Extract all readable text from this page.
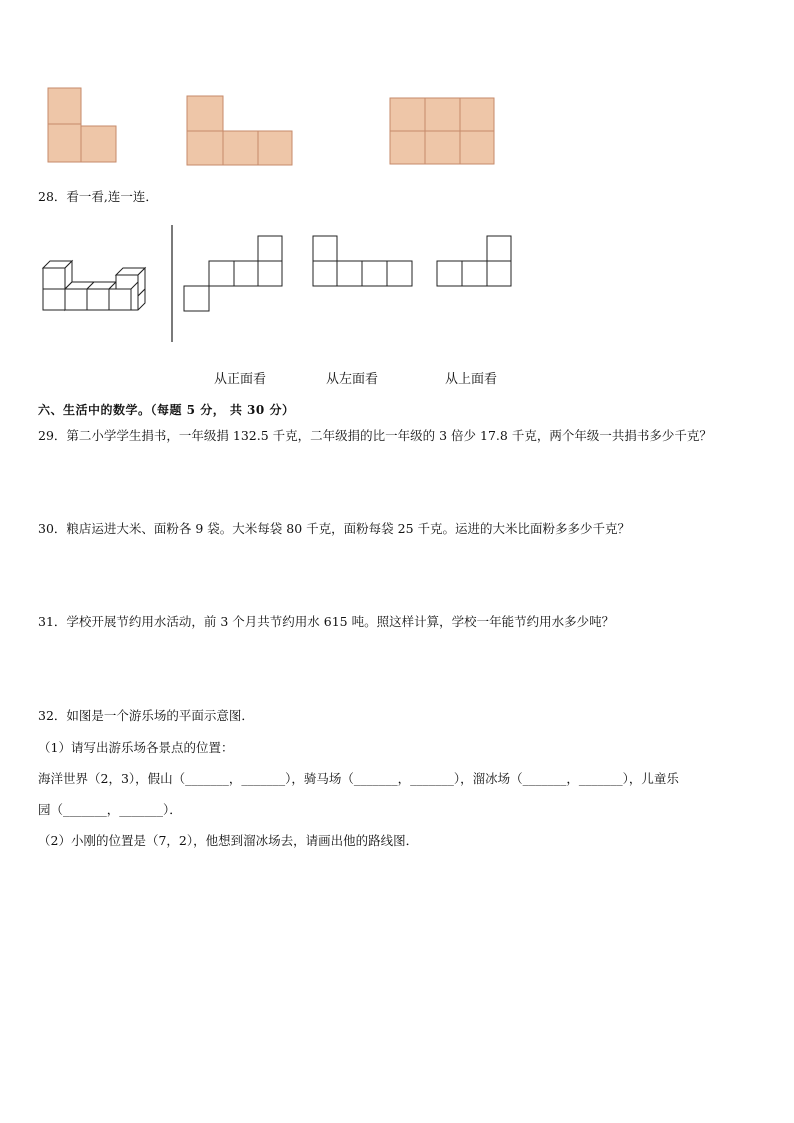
28．看一看,连一连．
从正面看	从左面看	从上面看
六、生活中的数学。（每题 5 分， 共 30 分）
29．第二小学学生捐书，一年级捐 132.5 千克，二年级捐的比一年级的 3 倍少 17.8 千克，两个年级一共捐书多少千克？
30．粮店运进大米、面粉各 9 袋。大米每袋 80 千克，面粉每袋 25 千克。运进的大米比面粉多多少千克？
31．学校开展节约用水活动，前 3 个月共节约用水 615 吨。照这样计算，学校一年能节约用水多少吨？
32．如图是一个游乐场的平面示意图．
（1）请写出游乐场各景点的位置：
海洋世界（2，3），假山（_______，_______），骑马场（_______，_______），溜冰场（_______，_______），儿童乐
园（_______，_______）．
（2）小刚的位置是（7，2），他想到溜冰场去，请画出他的路线图．
